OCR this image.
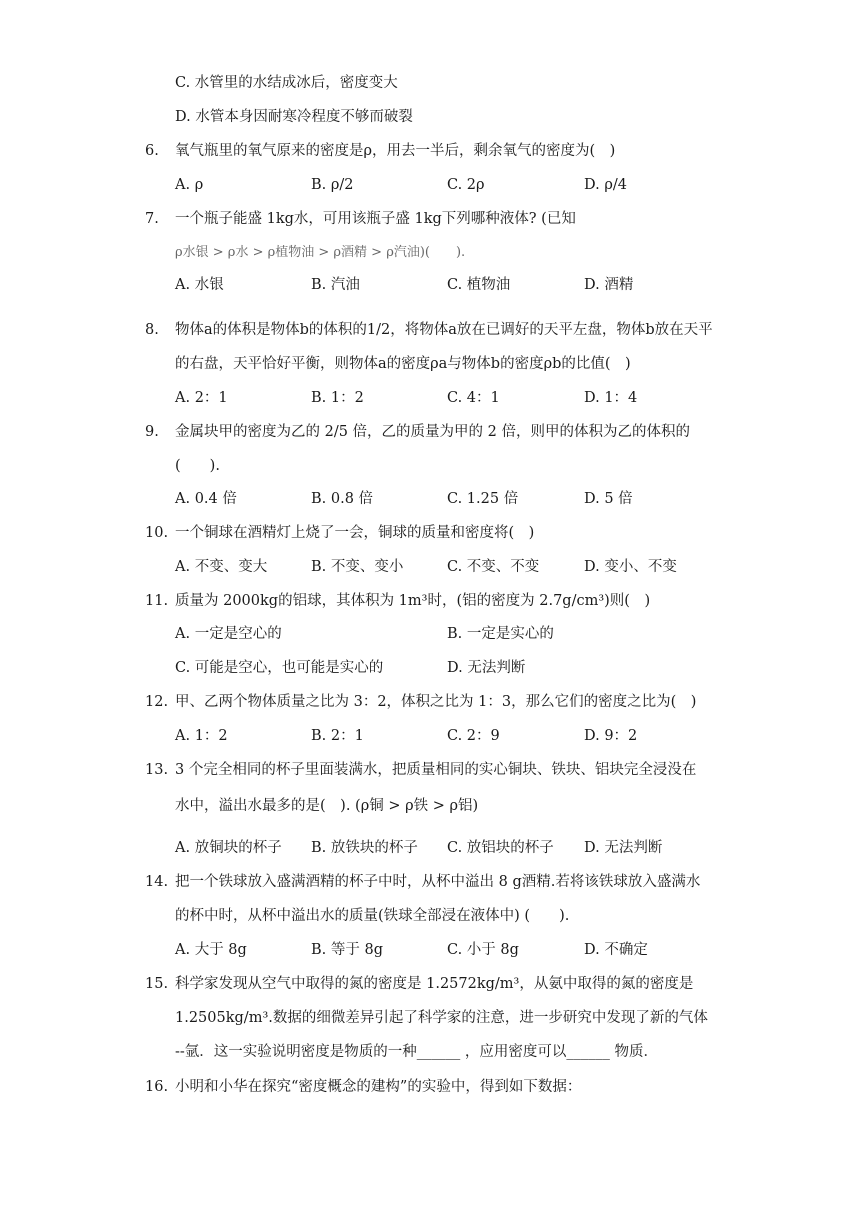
C. 水管里的水结成冰后，密度变大
D. 水管本身因耐寒冷程度不够而破裂
6. 氧气瓶里的氧气原来的密度是ρ，用去一半后，剩余氧气的密度为(　)
A. ρ	B. ρ/2	C. 2ρ	D. ρ/4
7. 一个瓶子能盛 1kg水，可用该瓶子盛 1kg下列哪种液体? (已知
ρ水银 > ρ水 > ρ植物油 > ρ酒精 > ρ汽油)(　　).
A. 水银	B. 汽油	C. 植物油	D. 酒精
8. 物体a的体积是物体b的体积的1/2，将物体a放在已调好的天平左盘，物体b放在天平
的右盘，天平恰好平衡，则物体a的密度ρa与物体b的密度ρb的比值(　)
A. 2：1	B. 1：2	C. 4：1	D. 1：4
9. 金属块甲的密度为乙的 2/5 倍，乙的质量为甲的 2 倍，则甲的体积为乙的体积的
(　　).
A. 0.4 倍	B. 0.8 倍	C. 1.25 倍	D. 5 倍
10. 一个铜球在酒精灯上烧了一会，铜球的质量和密度将(　)
A. 不变、变大	B. 不变、变小	C. 不变、不变	D. 变小、不变
11. 质量为 2000kg的铝球，其体积为 1m³时，(铝的密度为 2.7g/cm³)则(　)
A. 一定是空心的	B. 一定是实心的
C. 可能是空心，也可能是实心的	D. 无法判断
12. 甲、乙两个物体质量之比为 3：2，体积之比为 1：3，那么它们的密度之比为(　)
A. 1：2	B. 2：1	C. 2：9	D. 9：2
13. 3 个完全相同的杯子里面装满水，把质量相同的实心铜块、铁块、铝块完全浸没在
水中，溢出水最多的是(　). (ρ铜 > ρ铁 > ρ铝)
A. 放铜块的杯子 B. 放铁块的杯子 C. 放铝块的杯子 D. 无法判断
14. 把一个铁球放入盛满酒精的杯子中时，从杯中溢出 8 g酒精.若将该铁球放入盛满水
的杯中时，从杯中溢出水的质量(铁球全部浸在液体中) (　　).
A. 大于 8g	B. 等于 8g	C. 小于 8g	D. 不确定
15. 科学家发现从空气中取得的氮的密度是 1.2572kg/m³，从氨中取得的氮的密度是
1.2505kg/m³.数据的细微差异引起了科学家的注意，进一步研究中发现了新的气体
--氩．这一实验说明密度是物质的一种______ ，应用密度可以______ 物质．
16. 小明和小华在探究“密度概念的建构”的实验中，得到如下数据：
